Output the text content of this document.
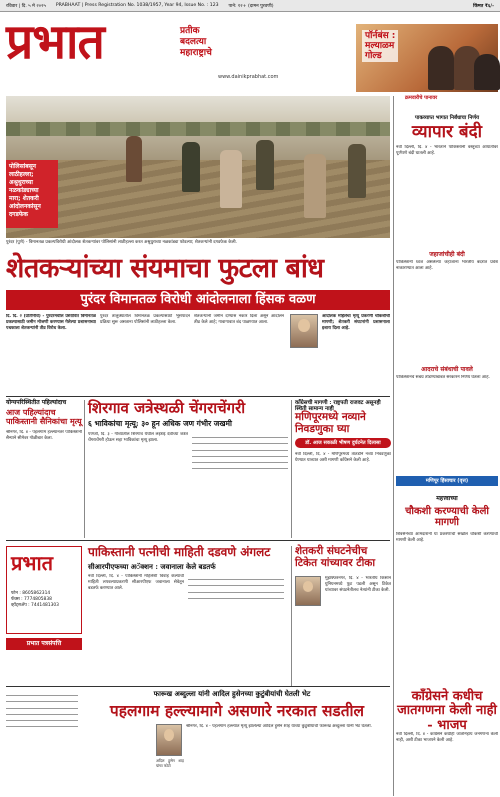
रविवार | दि. ५ मे २०२५ PRABHAAT | Press Registration No. 1038/1957, Year 94, Issue No. : 123 पाने: १२+ (दामन पुरवणी)	किंमत ₹६/-
प्रभात	प्रतीक
बदलत्या
महाराष्ट्राचे
www.dainikprabhat.com
पॉर्नबंस :
मल्याळम
गोल्ड
क्रमवारीचे पानावर
पोलिसांबसून
लाठीहल्ला;
अश्रुधुराच्या
नळकांड्याच्या
मारा; शेतकरी
आंदोलनकांसून
दगडफेक
पुरंदर (पुणे) - विमानतळ प्रकल्पविरोधी आंदोलक शेतकऱ्यांवर पोलिसांनी लाठीहल्ला करत अश्रुधुराच्या नळकांड्या फोडल्या; शेतकऱ्यांनी दगडफेक केली.
शेतकऱ्यांच्या संयमाचा फुटला बांध
पुरंदर विमानतळ विरोधी आंदोलनाला हिंसक वळण
दि. दि. २ (प्रतिनिधि) - पुरंदरमधील प्रस्तावित विमानतळ प्रकल्पासाठी जमीन मोजणी करण्यास गेलेल्या प्रशासनाच्या पथकाला शेतकऱ्यांनी तीव्र विरोध केला.
पुरंदर तालुक्यातील विमानतळ प्रकल्पासाठी भूसंपादन प्रक्रिया सुरू असताना पोलिसांनी लाठीहल्ला केला.
शेतकऱ्यांनी जमीन देण्यास नकार दिला असून आंदोलन तीव्र केले आहे; गावागावात बंद पाळण्यात आला.
आंदोलक महिलेचा मृत्यू प्रकरणी चौकशीची मागणी; शेतकरी संघटनांनी प्रशासनाला इशारा दिला आहे.
पाकव्याप्त भागात निर्बंधाचा निर्णय
व्यापार बंदी
नवी दिल्ली, दि. ४ - भारताने पाकिस्तानी वस्तूंच्या आयातीवर पूर्णपणे बंदी घातली आहे.
जहाजांचीही बंदी
पाकिस्तानी ध्वज असलेल्या जहाजांना भारतीय बंदरात प्रवेश नाकारण्यात आला आहे.
आदराचे संबंधाची पावले
पाकिस्तानचे संबंध तोडण्याबाबत सरकारने निर्णय घेतला आहे.
मणिपूर हिंसाचार (वृत्त)
योग्यपरिस्थितीत पहिल्यांदाच
आज पहिल्यांदाच पाकिस्तानी सैनिकांचा मृत्यू
श्रीनगर, दि. ४ - पहलगाम हल्ल्यानंतर पाकिस्तानी सैन्याने सीमेवर गोळीबार केला.
शिरगाव जत्रेस्थळी चेंगराचेंगरी
६ भाविकांचा मृत्यू; ३० हून अधिक जण गंभीर जखमी
पणजी, दि. ३ - गोव्यातील शिरगाव येथील लईराई देवीच्या जत्रेत चेंगराचेंगरी होऊन सहा भाविकांचा मृत्यू झाला.
काँग्रेसची मागणी : राष्ट्रपती राजवट असूनही स्थिती सामान्य नाही
मणिपूरमध्ये नव्याने निवडणुका घ्या
डॉ. आज सकाळी भीषण दुर्घटनेत दिलासा
नवी दिल्ली, दि. ४ - मणिपूरमध्ये तातडीने नव्या निवडणुका घेण्यात याव्यात अशी मागणी काँग्रेसने केली आहे.
प्रभात
फोन : 8605862314
फॅक्स : 7774805838
व्हॉट्सॲप : 7441481303
प्रभात पत्रसंपत्ति
पाकिस्तानी पत्नीची माहिती दडवणे अंगलट
सीआरपीएफच्या अॅक्शन : जवानाला केले बडतर्फ
नवी दिल्ली, दि. ४ - पाकिस्तानी महिलेशी विवाह केल्याची माहिती लपवल्याप्रकरणी सीआरपीएफ जवानाला सेवेतून बडतर्फ करण्यात आले.
शेतकरी संघटनेचीच टिकेत यांच्यावर टीका
मुझफ्फरनगर, दि. ४ - भारतीय किसान युनियनमध्ये फूट पडली असून टिकेत यांच्यावर संघटनेतीलच नेत्यांनी टीका केली.
महत्त्वाच्या
चौकशी करण्याची केली मागणी
शिवसेनेच्या आमदारांनी या प्रकरणाची सखोल चौकशी करण्याची मागणी केली आहे.
फारूख अब्दुल्ला यांनी आदिल हुसेनच्या कुटुंबीयांची घेतली भेट
पहलगाम हल्ल्यामागे असणारे नरकात सडतील
श्रीनगर, दि. ४ - पहलगाम हल्ल्यात मृत्यू झालेल्या आदिल हुसेन शाह यांच्या कुटुंबीयांची फारूख अब्दुल्ला यांनी भेट घेतली.
अदिल हुसेन शाह यांचा फोटो
काँग्रेसने कधीच जातगणना केली नाही - भाजप
नवी दिल्ली, दि. ४ - काँग्रेसने कधीही जातनिहाय जनगणना केली नाही, अशी टीका भाजपने केली आहे.
